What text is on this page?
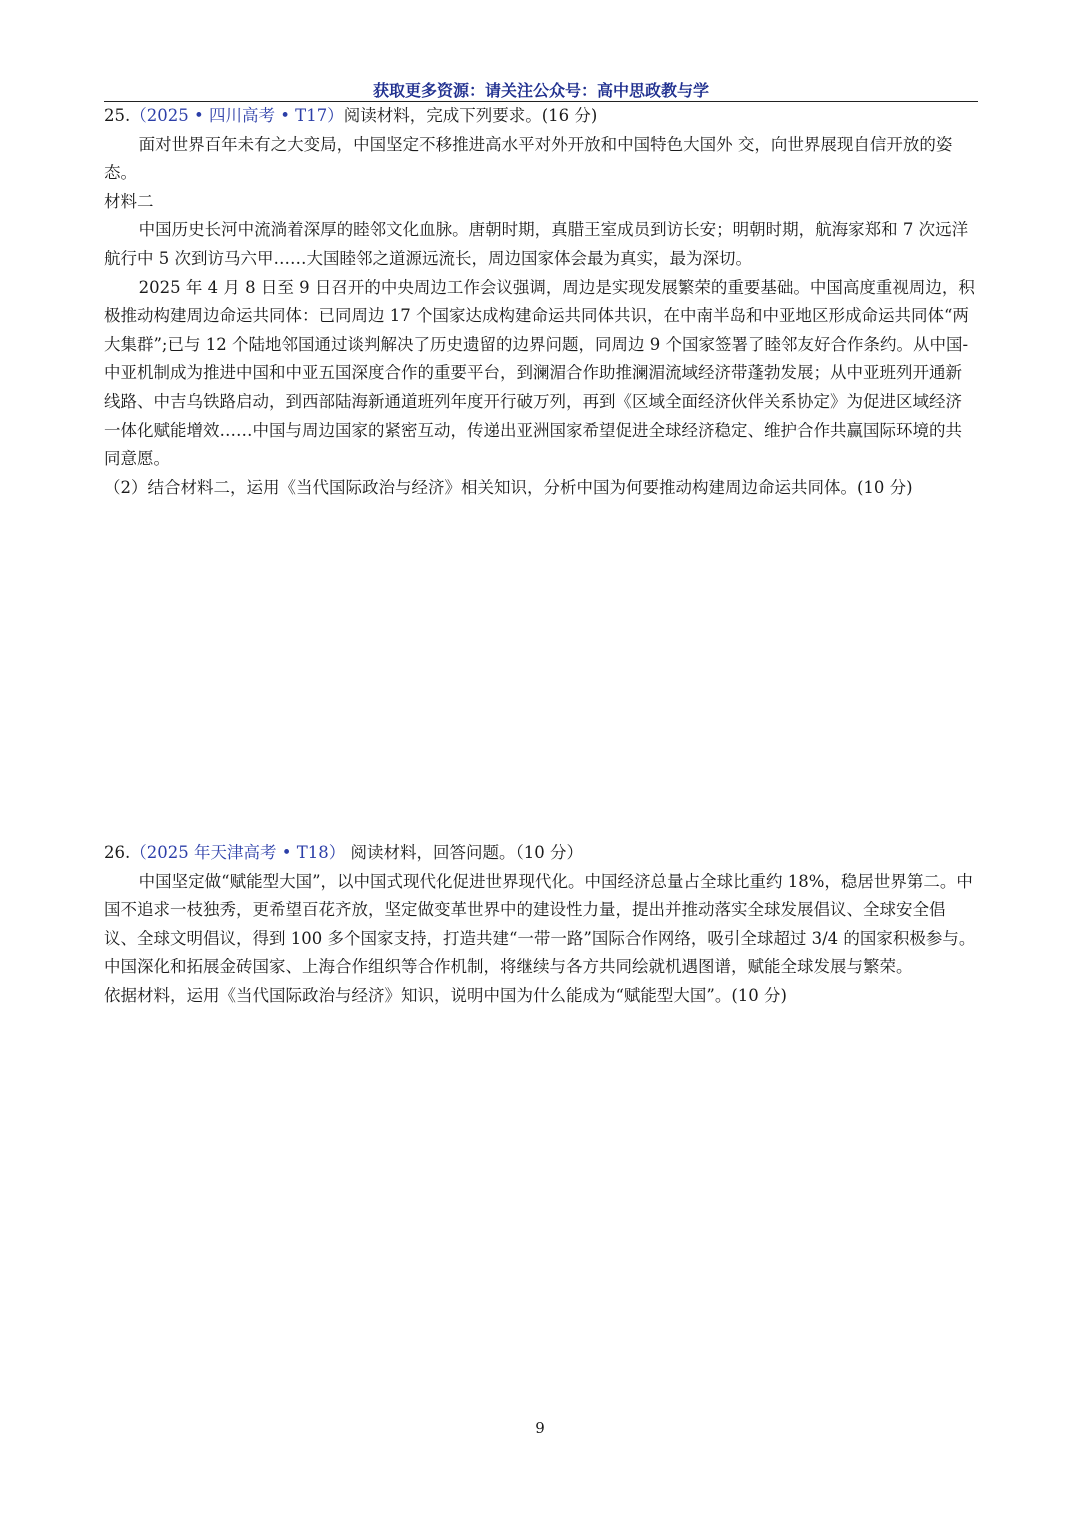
获取更多资源：请关注公众号：高中思政教与学

25.（2025 • 四川高考 • T17）阅读材料，完成下列要求。(16 分)

面对世界百年未有之大变局，中国坚定不移推进高水平对外开放和中国特色大国外 交，向世界展现自信开放的姿态。

材料二

中国历史长河中流淌着深厚的睦邻文化血脉。唐朝时期，真腊王室成员到访长安；明朝时期，航海家郑和 7 次远洋航行中 5 次到访马六甲……大国睦邻之道源远流长，周边国家体会最为真实，最为深切。

2025 年 4 月 8 日至 9 日召开的中央周边工作会议强调，周边是实现发展繁荣的重要基础。中国高度重视周边，积极推动构建周边命运共同体：已同周边 17 个国家达成构建命运共同体共识，在中南半岛和中亚地区形成命运共同体“两大集群”;已与 12 个陆地邻国通过谈判解决了历史遗留的边界问题，同周边 9 个国家签署了睦邻友好合作条约。从中国-中亚机制成为推进中国和中亚五国深度合作的重要平台，到澜湄合作助推澜湄流域经济带蓬勃发展；从中亚班列开通新线路、中吉乌铁路启动，到西部陆海新通道班列年度开行破万列，再到《区域全面经济伙伴关系协定》为促进区域经济一体化赋能增效……中国与周边国家的紧密互动，传递出亚洲国家希望促进全球经济稳定、维护合作共赢国际环境的共同意愿。

（2）结合材料二，运用《当代国际政治与经济》相关知识，分析中国为何要推动构建周边命运共同体。(10 分)

26.（2025 年天津高考 • T18） 阅读材料，回答问题。（10 分）

中国坚定做“赋能型大国”，以中国式现代化促进世界现代化。中国经济总量占全球比重约 18%，稳居世界第二。中国不追求一枝独秀，更希望百花齐放，坚定做变革世界中的建设性力量，提出并推动落实全球发展倡议、全球安全倡议、全球文明倡议，得到 100 多个国家支持，打造共建“一带一路”国际合作网络，吸引全球超过 3/4 的国家积极参与。中国深化和拓展金砖国家、上海合作组织等合作机制，将继续与各方共同绘就机遇图谱，赋能全球发展与繁荣。

依据材料，运用《当代国际政治与经济》知识，说明中国为什么能成为“赋能型大国”。(10 分)

9
